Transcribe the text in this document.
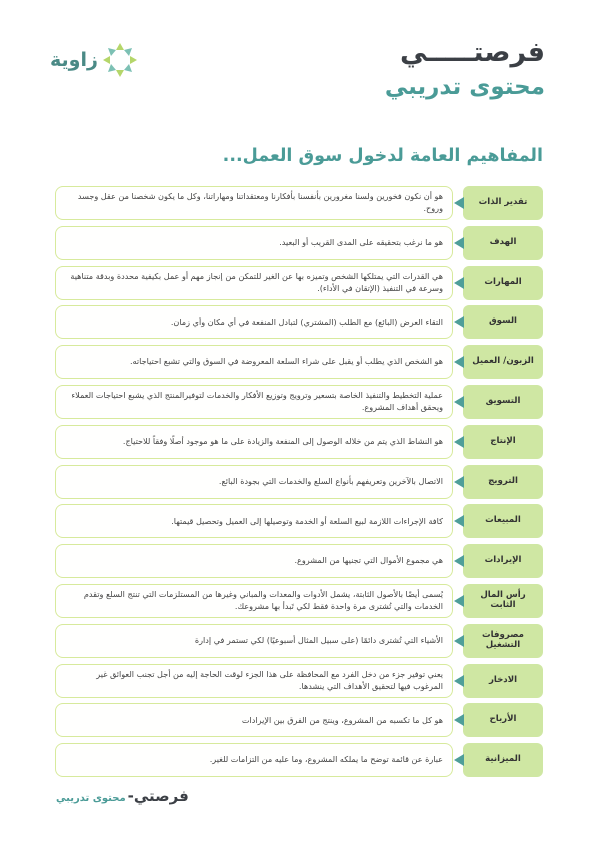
زاوية	فرصتـــــي
محتوى تدريبي
المفاهيم العامة لدخول سوق العمل...
تقدير الذات
هو أن نكون فخورين ولسنا مغرورين بأنفسنا بأفكارنا ومعتقداتنا ومهاراتنا، وكل ما يكون شخصنا من عقل وجسد وروح.
الهدف
هو ما نرغب بتحقيقه على المدى القريب أو البعيد.
المهارات
هي القدرات التي يمتلكها الشخص وتميزه بها عن الغير للتمكن من إنجاز مهم أو عمل بكيفية محددة وبدقة متناهية وسرعة في التنفيذ (الإتقان في الأداء).
السوق
التقاء العرض (البائع) مع الطلب (المشتري) لتبادل المنفعة في أي مكان وأي زمان.
الزبون/ العميل
هو الشخص الذي يطلب أو يقبل على شراء السلعة المعروضة في السوق والتي تشبع احتياجاته.
التسويق
عملية التخطيط والتنفيذ الخاصة بتسعير وترويج وتوزيع الأفكار والخدمات لتوفيرالمنتج الذي يشبع احتياجات العملاء ويحقق أهداف المشروع.
الإنتاج
هو النشاط الذي يتم من خلاله الوصول إلى المنفعة والزيادة على ما هو موجود أصلًا وفقاً للاحتياج.
الترويج
الاتصال بالآخرين وتعريفهم بأنواع السلع والخدمات التي بجودة البائع.
المبيعات
كافة الإجراءات اللازمة لبيع السلعة أو الخدمة وتوصيلها إلى العميل وتحصيل قيمتها.
الإيرادات
هي مجموع الأموال التي تجنيها من المشروع.
رأس المال الثابت
يُسمى أيضًا بالأصول الثابتة، يشمل الأدوات والمعدات والمباني وغيرها من المستلزمات التي تنتج السلع وتقدم الخدمات والتي تُشترى مرة واحدة فقط لكي تَبدأ بها مشروعك.
مصروفات التشغيل
الأشياء التي تُشترى دائمًا (على سبيل المثال أسبوعيًا) لكي تستمر في إدارة
الادخار
يعني توفير جزء من دخل الفرد مع المحافظة على هذا الجزء لوقت الحاجة إليه من أجل تجنب العوائق غير المرغوب فيها لتحقيق الأهداف التي ينشدها.
الأرباح
هو كل ما تكسبه من المشروع، وينتج من الفرق بين الإيرادات
الميزانية
عبارة عن قائمة توضح ما يملكه المشروع، وما عليه من التزامات للغير.
فرصتي-
محتوى تدريبي
